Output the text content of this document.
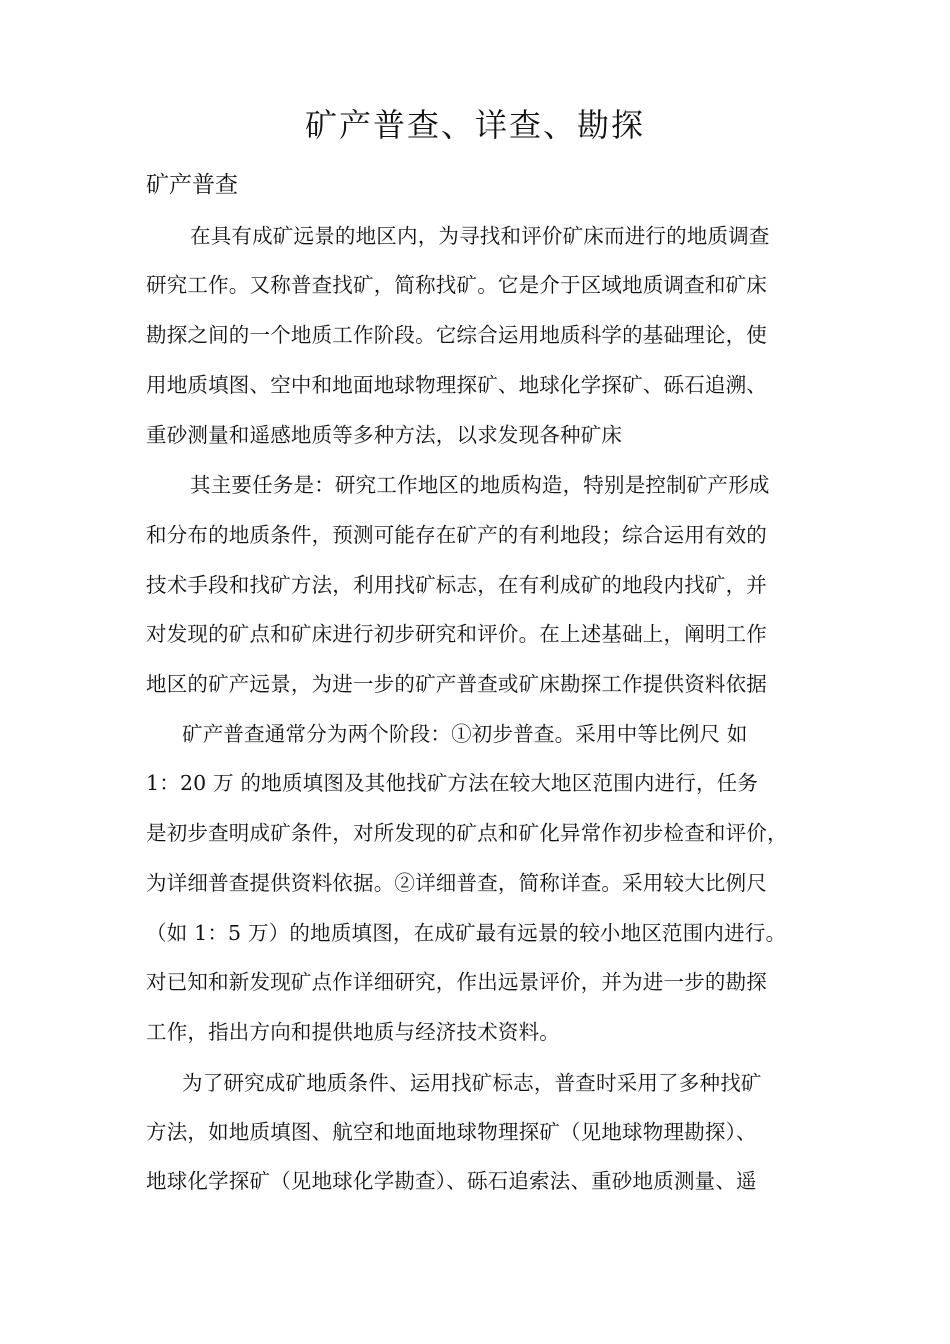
矿产普查、详查、勘探
矿产普查
在具有成矿远景的地区内，为寻找和评价矿床而进行的地质调查
研究工作。又称普查找矿，简称找矿。它是介于区域地质调查和矿床
勘探之间的一个地质工作阶段。它综合运用地质科学的基础理论，使
用地质填图、空中和地面地球物理探矿、地球化学探矿、砾石追溯、
重砂测量和遥感地质等多种方法，以求发现各种矿床
其主要任务是：研究工作地区的地质构造，特别是控制矿产形成
和分布的地质条件，预测可能存在矿产的有利地段；综合运用有效的
技术手段和找矿方法，利用找矿标志，在有利成矿的地段内找矿，并
对发现的矿点和矿床进行初步研究和评价。在上述基础上，阐明工作
地区的矿产远景，为进一步的矿产普查或矿床勘探工作提供资料依据
矿产普查通常分为两个阶段：①初步普查。采用中等比例尺 如
1：20 万 的地质填图及其他找矿方法在较大地区范围内进行，任务
是初步查明成矿条件，对所发现的矿点和矿化异常作初步检查和评价，
为详细普查提供资料依据。②详细普查，简称详查。采用较大比例尺
（如 1：5 万）的地质填图，在成矿最有远景的较小地区范围内进行。
对已知和新发现矿点作详细研究，作出远景评价，并为进一步的勘探
工作，指出方向和提供地质与经济技术资料。
为了研究成矿地质条件、运用找矿标志，普查时采用了多种找矿
方法，如地质填图、航空和地面地球物理探矿（见地球物理勘探）、
地球化学探矿（见地球化学勘查）、砾石追索法、重砂地质测量、遥
